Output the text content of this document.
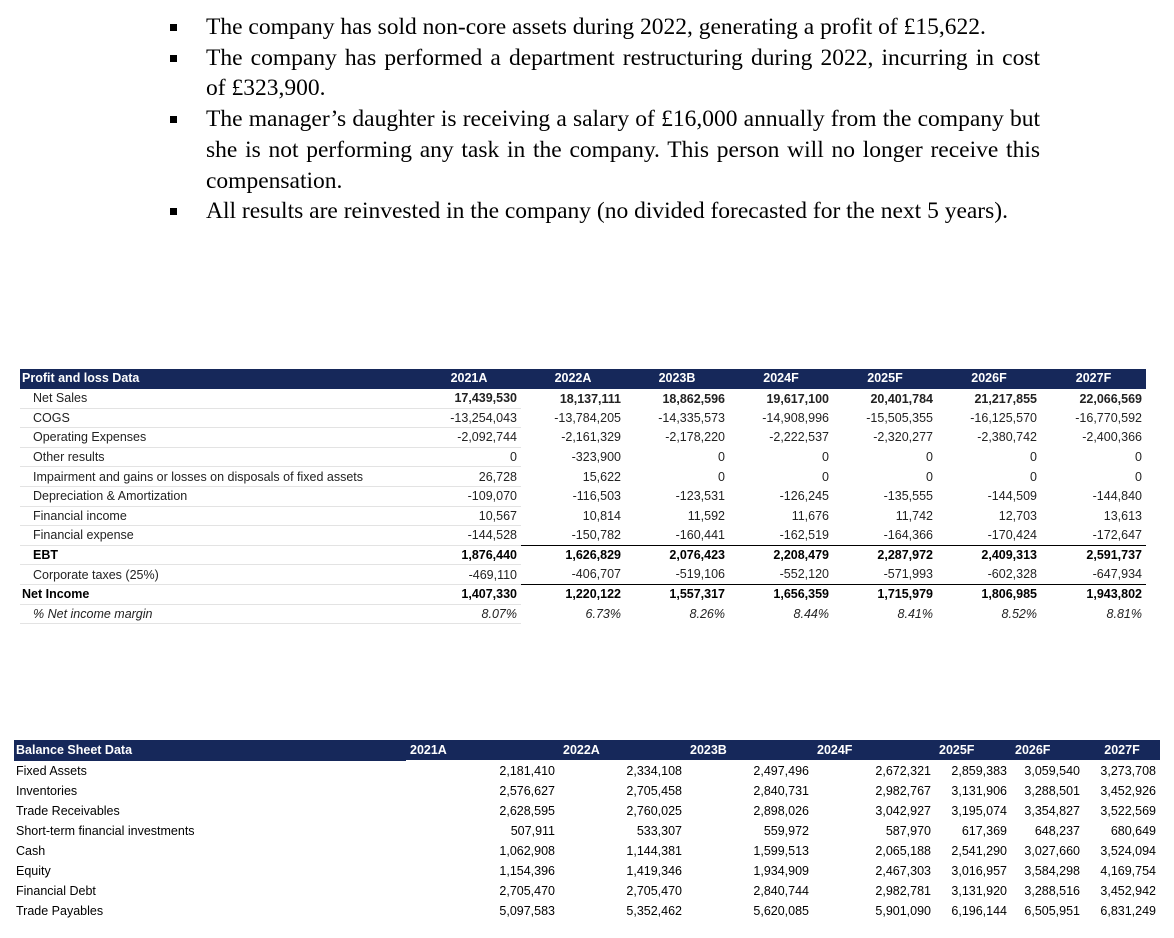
The company has sold non-core assets during 2022, generating a profit of £15,622.
The company has performed a department restructuring during 2022, incurring in cost of £323,900.
The manager’s daughter is receiving a salary of £16,000 annually from the company but she is not performing any task in the company. This person will no longer receive this compensation.
All results are reinvested in the company (no divided forecasted for the next 5 years).
Profit and loss Data	2021A	2022A	2023B	2024F	2025F	2026F	2027F
Net Sales	17,439,530	18,137,111	18,862,596	19,617,100	20,401,784	21,217,855	22,066,569
COGS	-13,254,043	-13,784,205	-14,335,573	-14,908,996	-15,505,355	-16,125,570	-16,770,592
Operating Expenses	-2,092,744	-2,161,329	-2,178,220	-2,222,537	-2,320,277	-2,380,742	-2,400,366
Other results	0	-323,900	0	0	0	0	0
Impairment and gains or losses on disposals of fixed assets	26,728	15,622	0	0	0	0	0
Depreciation & Amortization	-109,070	-116,503	-123,531	-126,245	-135,555	-144,509	-144,840
Financial income	10,567	10,814	11,592	11,676	11,742	12,703	13,613
Financial expense	-144,528	-150,782	-160,441	-162,519	-164,366	-170,424	-172,647
EBT	1,876,440	1,626,829	2,076,423	2,208,479	2,287,972	2,409,313	2,591,737
Corporate taxes (25%)	-469,110	-406,707	-519,106	-552,120	-571,993	-602,328	-647,934
Net Income	1,407,330	1,220,122	1,557,317	1,656,359	1,715,979	1,806,985	1,943,802
% Net income margin	8.07%	6.73%	8.26%	8.44%	8.41%	8.52%	8.81%
Balance Sheet Data	2021A	2022A	2023B	2024F	2025F	2026F	2027F
Fixed Assets	2,181,410	2,334,108	2,497,496	2,672,321	2,859,383	3,059,540	3,273,708
Inventories	2,576,627	2,705,458	2,840,731	2,982,767	3,131,906	3,288,501	3,452,926
Trade Receivables	2,628,595	2,760,025	2,898,026	3,042,927	3,195,074	3,354,827	3,522,569
Short-term financial investments	507,911	533,307	559,972	587,970	617,369	648,237	680,649
Cash	1,062,908	1,144,381	1,599,513	2,065,188	2,541,290	3,027,660	3,524,094
Equity	1,154,396	1,419,346	1,934,909	2,467,303	3,016,957	3,584,298	4,169,754
Financial Debt	2,705,470	2,705,470	2,840,744	2,982,781	3,131,920	3,288,516	3,452,942
Trade Payables	5,097,583	5,352,462	5,620,085	5,901,090	6,196,144	6,505,951	6,831,249
